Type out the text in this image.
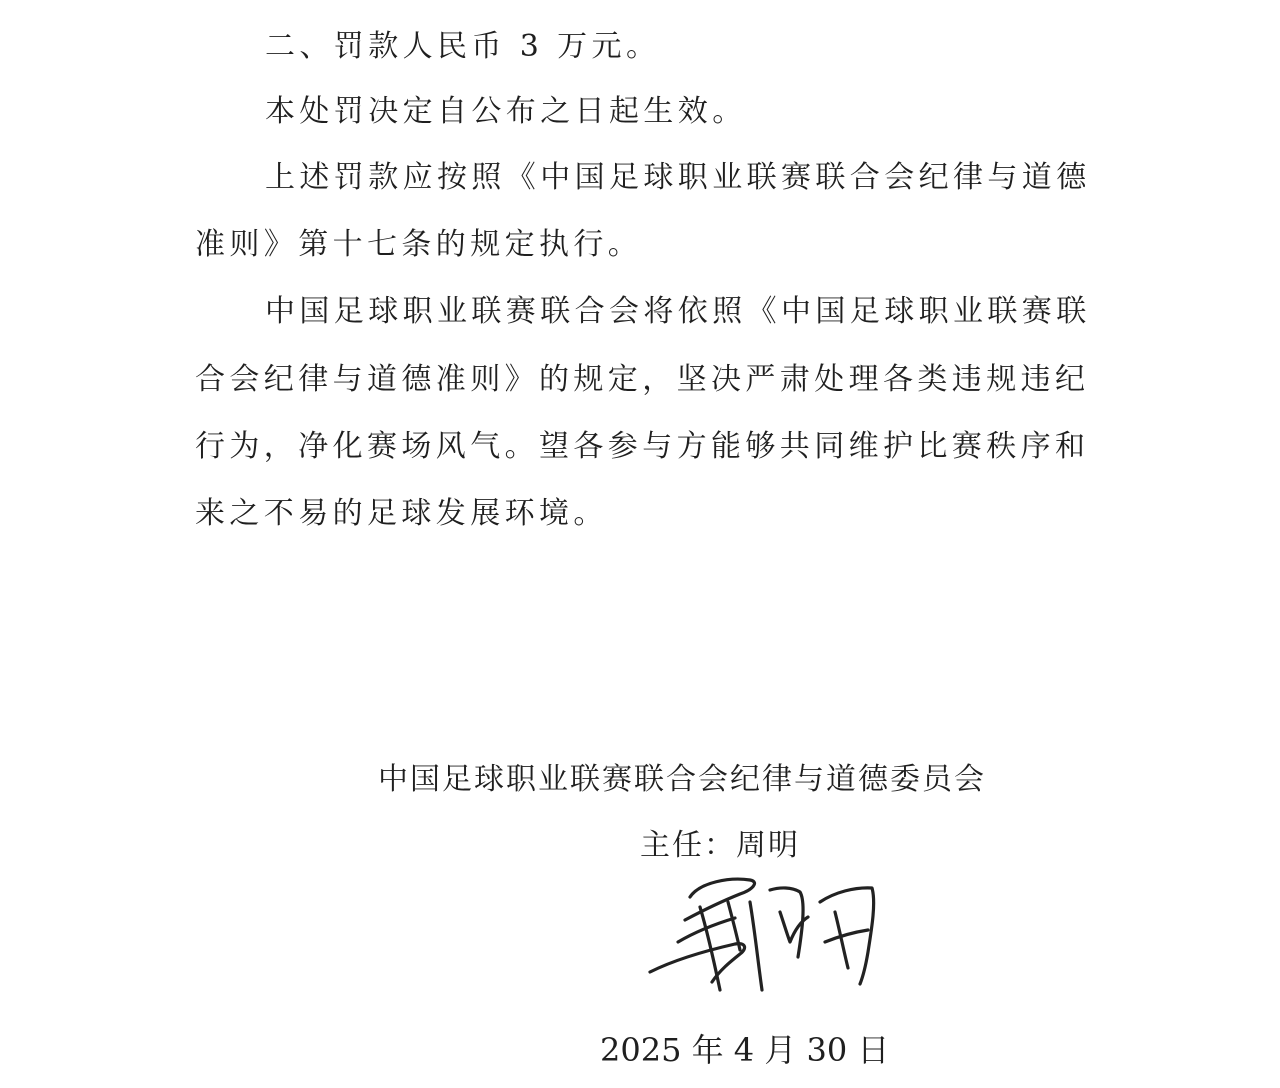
二、罚款人民币 3 万元。
本处罚决定自公布之日起生效。
上述罚款应按照《中国足球职业联赛联合会纪律与道德
准则》第十七条的规定执行。
中国足球职业联赛联合会将依照《中国足球职业联赛联
合会纪律与道德准则》的规定，坚决严肃处理各类违规违纪
行为，净化赛场风气。望各参与方能够共同维护比赛秩序和
来之不易的足球发展环境。
中国足球职业联赛联合会纪律与道德委员会
主任：周明
2025 年 4 月 30 日
